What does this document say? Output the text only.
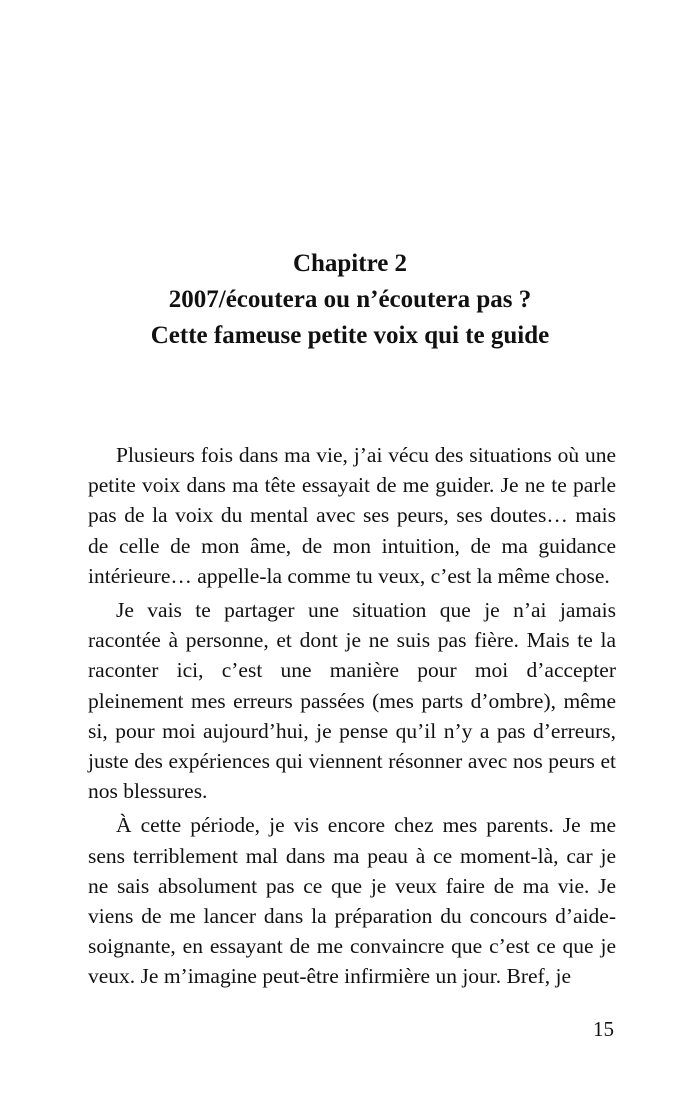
Chapitre 2
2007/écoutera ou n’écoutera pas ?
Cette fameuse petite voix qui te guide

Plusieurs fois dans ma vie, j’ai vécu des situations où une petite voix dans ma tête essayait de me guider. Je ne te parle pas de la voix du mental avec ses peurs, ses doutes… mais de celle de mon âme, de mon intuition, de ma guidance intérieure… appelle-la comme tu veux, c’est la même chose.

Je vais te partager une situation que je n’ai jamais racontée à personne, et dont je ne suis pas fière. Mais te la raconter ici, c’est une manière pour moi d’accepter pleinement mes erreurs passées (mes parts d’ombre), même si, pour moi aujourd’hui, je pense qu’il n’y a pas d’erreurs, juste des expériences qui viennent résonner avec nos peurs et nos blessures.

À cette période, je vis encore chez mes parents. Je me sens terriblement mal dans ma peau à ce moment-là, car je ne sais absolument pas ce que je veux faire de ma vie. Je viens de me lancer dans la préparation du concours d’aide-soignante, en essayant de me convaincre que c’est ce que je veux. Je m’imagine peut-être infirmière un jour. Bref, je

15
